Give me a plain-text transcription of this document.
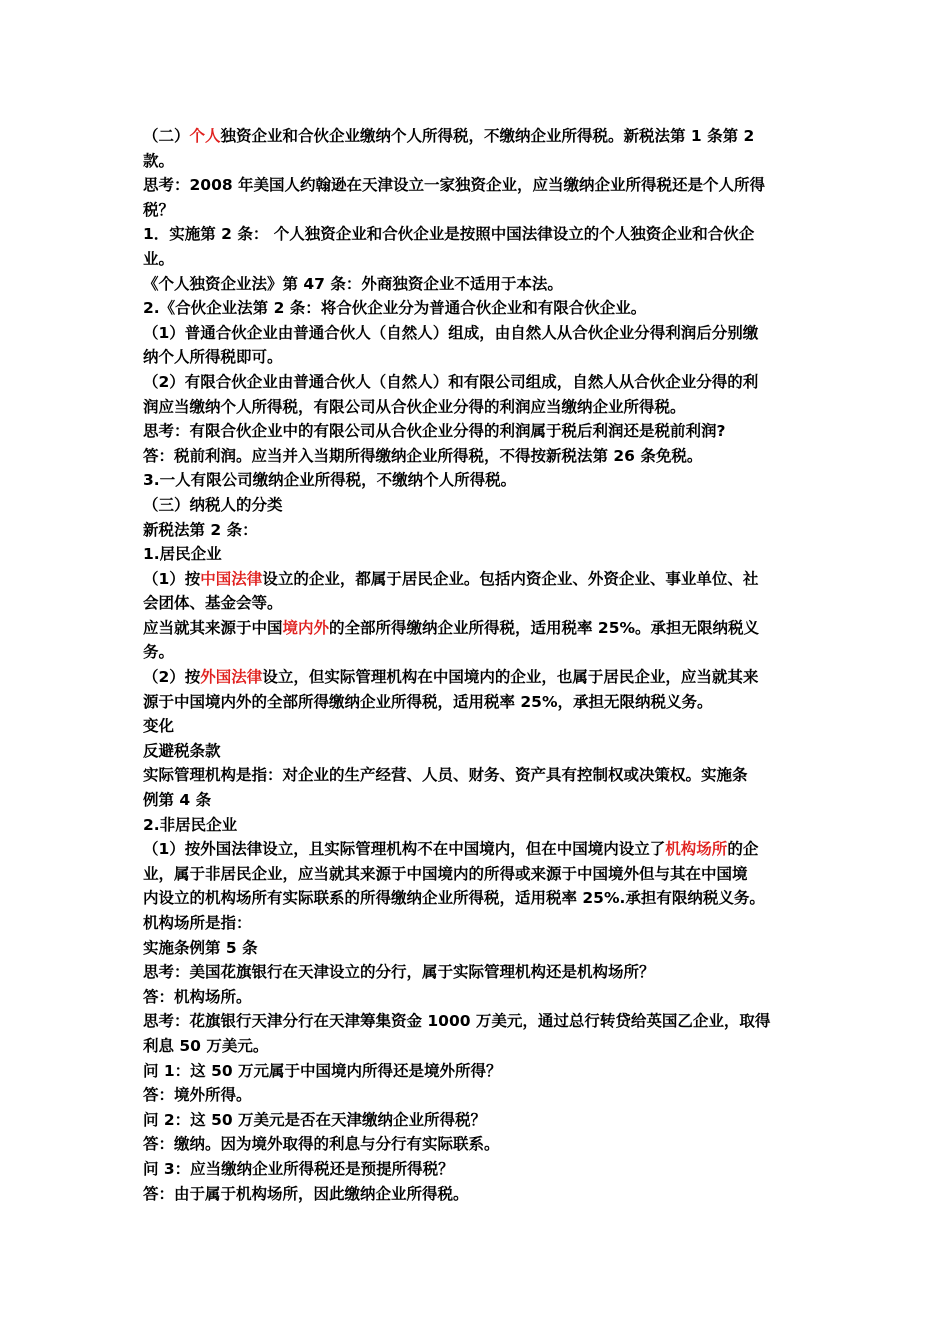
（二）个人独资企业和合伙企业缴纳个人所得税，不缴纳企业所得税。新税法第 1 条第 2
款。
思考：2008 年美国人约翰逊在天津设立一家独资企业，应当缴纳企业所得税还是个人所得
税？
1．实施第 2 条： 个人独资企业和合伙企业是按照中国法律设立的个人独资企业和合伙企
业。
《个人独资企业法》第 47 条：外商独资企业不适用于本法。
2.《合伙企业法第 2 条：将合伙企业分为普通合伙企业和有限合伙企业。
（1）普通合伙企业由普通合伙人（自然人）组成，由自然人从合伙企业分得利润后分别缴
纳个人所得税即可。
（2）有限合伙企业由普通合伙人（自然人）和有限公司组成，自然人从合伙企业分得的利
润应当缴纳个人所得税，有限公司从合伙企业分得的利润应当缴纳企业所得税。
思考：有限合伙企业中的有限公司从合伙企业分得的利润属于税后利润还是税前利润?
答：税前利润。应当并入当期所得缴纳企业所得税，不得按新税法第 26 条免税。
3.一人有限公司缴纳企业所得税，不缴纳个人所得税。
（三）纳税人的分类
新税法第 2 条：
1.居民企业
（1）按中国法律设立的企业，都属于居民企业。包括内资企业、外资企业、事业单位、社
会团体、基金会等。
应当就其来源于中国境内外的全部所得缴纳企业所得税，适用税率 25%。承担无限纳税义
务。
（2）按外国法律设立，但实际管理机构在中国境内的企业，也属于居民企业，应当就其来
源于中国境内外的全部所得缴纳企业所得税，适用税率 25%，承担无限纳税义务。
变化
反避税条款
实际管理机构是指：对企业的生产经营、人员、财务、资产具有控制权或决策权。实施条
例第 4 条
2.非居民企业
（1）按外国法律设立，且实际管理机构不在中国境内，但在中国境内设立了机构场所的企
业，属于非居民企业，应当就其来源于中国境内的所得或来源于中国境外但与其在中国境
内设立的机构场所有实际联系的所得缴纳企业所得税，适用税率 25%.承担有限纳税义务。
机构场所是指：
实施条例第 5 条
思考：美国花旗银行在天津设立的分行，属于实际管理机构还是机构场所？
答：机构场所。
思考：花旗银行天津分行在天津筹集资金 1000 万美元，通过总行转贷给英国乙企业，取得
利息 50 万美元。
问 1：这 50 万元属于中国境内所得还是境外所得？
答：境外所得。
问 2：这 50 万美元是否在天津缴纳企业所得税？
答：缴纳。因为境外取得的利息与分行有实际联系。
问 3：应当缴纳企业所得税还是预提所得税？
答：由于属于机构场所，因此缴纳企业所得税。
